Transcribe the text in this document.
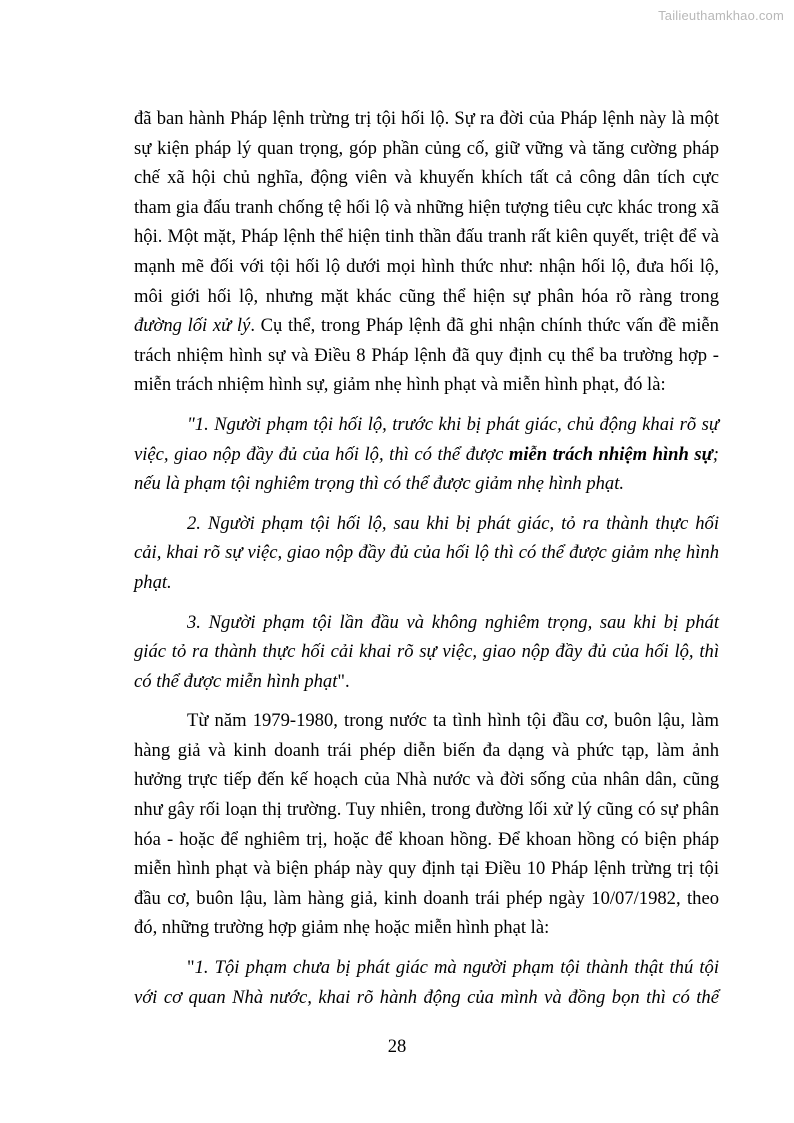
Tailieuthamkhao.com
đã ban hành Pháp lệnh trừng trị tội hối lộ. Sự ra đời của Pháp lệnh này là một
sự kiện pháp lý quan trọng, góp phần củng cố, giữ vững và tăng cường pháp
chế xã hội chủ nghĩa, động viên và khuyến khích tất cả công dân tích cực
tham gia đấu tranh chống tệ hối lộ và những hiện tượng tiêu cực khác trong xã
hội. Một mặt, Pháp lệnh thể hiện tinh thần đấu tranh rất kiên quyết, triệt để và
mạnh mẽ đối với tội hối lộ dưới mọi hình thức như: nhận hối lộ, đưa hối lộ,
môi giới hối lộ, nhưng mặt khác cũng thể hiện sự phân hóa rõ ràng trong
đường lối xử lý. Cụ thể, trong Pháp lệnh đã ghi nhận chính thức vấn đề miễn
trách nhiệm hình sự và Điều 8 Pháp lệnh đã quy định cụ thể ba trường hợp -
miễn trách nhiệm hình sự, giảm nhẹ hình phạt và miễn hình phạt, đó là:
"1. Người phạm tội hối lộ, trước khi bị phát giác, chủ động khai rõ sự
việc, giao nộp đầy đủ của hối lộ, thì có thể được miễn trách nhiệm hình sự;
nếu là phạm tội nghiêm trọng thì có thể được giảm nhẹ hình phạt.
2. Người phạm tội hối lộ, sau khi bị phát giác, tỏ ra thành thực hối
cải, khai rõ sự việc, giao nộp đầy đủ của hối lộ thì có thể được giảm nhẹ hình
phạt.
3. Người phạm tội lần đầu và không nghiêm trọng, sau khi bị phát
giác tỏ ra thành thực hối cải khai rõ sự việc, giao nộp đầy đủ của hối lộ, thì
có thể được miễn hình phạt".
Từ năm 1979-1980, trong nước ta tình hình tội đầu cơ, buôn lậu, làm
hàng giả và kinh doanh trái phép diễn biến đa dạng và phức tạp, làm ảnh
hưởng trực tiếp đến kế hoạch của Nhà nước và đời sống của nhân dân, cũng
như gây rối loạn thị trường. Tuy nhiên, trong đường lối xử lý cũng có sự phân
hóa - hoặc để nghiêm trị, hoặc để khoan hồng. Để khoan hồng có biện pháp
miễn hình phạt và biện pháp này quy định tại Điều 10 Pháp lệnh trừng trị tội
đầu cơ, buôn lậu, làm hàng giả, kinh doanh trái phép ngày 10/07/1982, theo
đó, những trường hợp giảm nhẹ hoặc miễn hình phạt là:
"1. Tội phạm chưa bị phát giác mà người phạm tội thành thật thú tội
với cơ quan Nhà nước, khai rõ hành động của mình và đồng bọn thì có thể
28
